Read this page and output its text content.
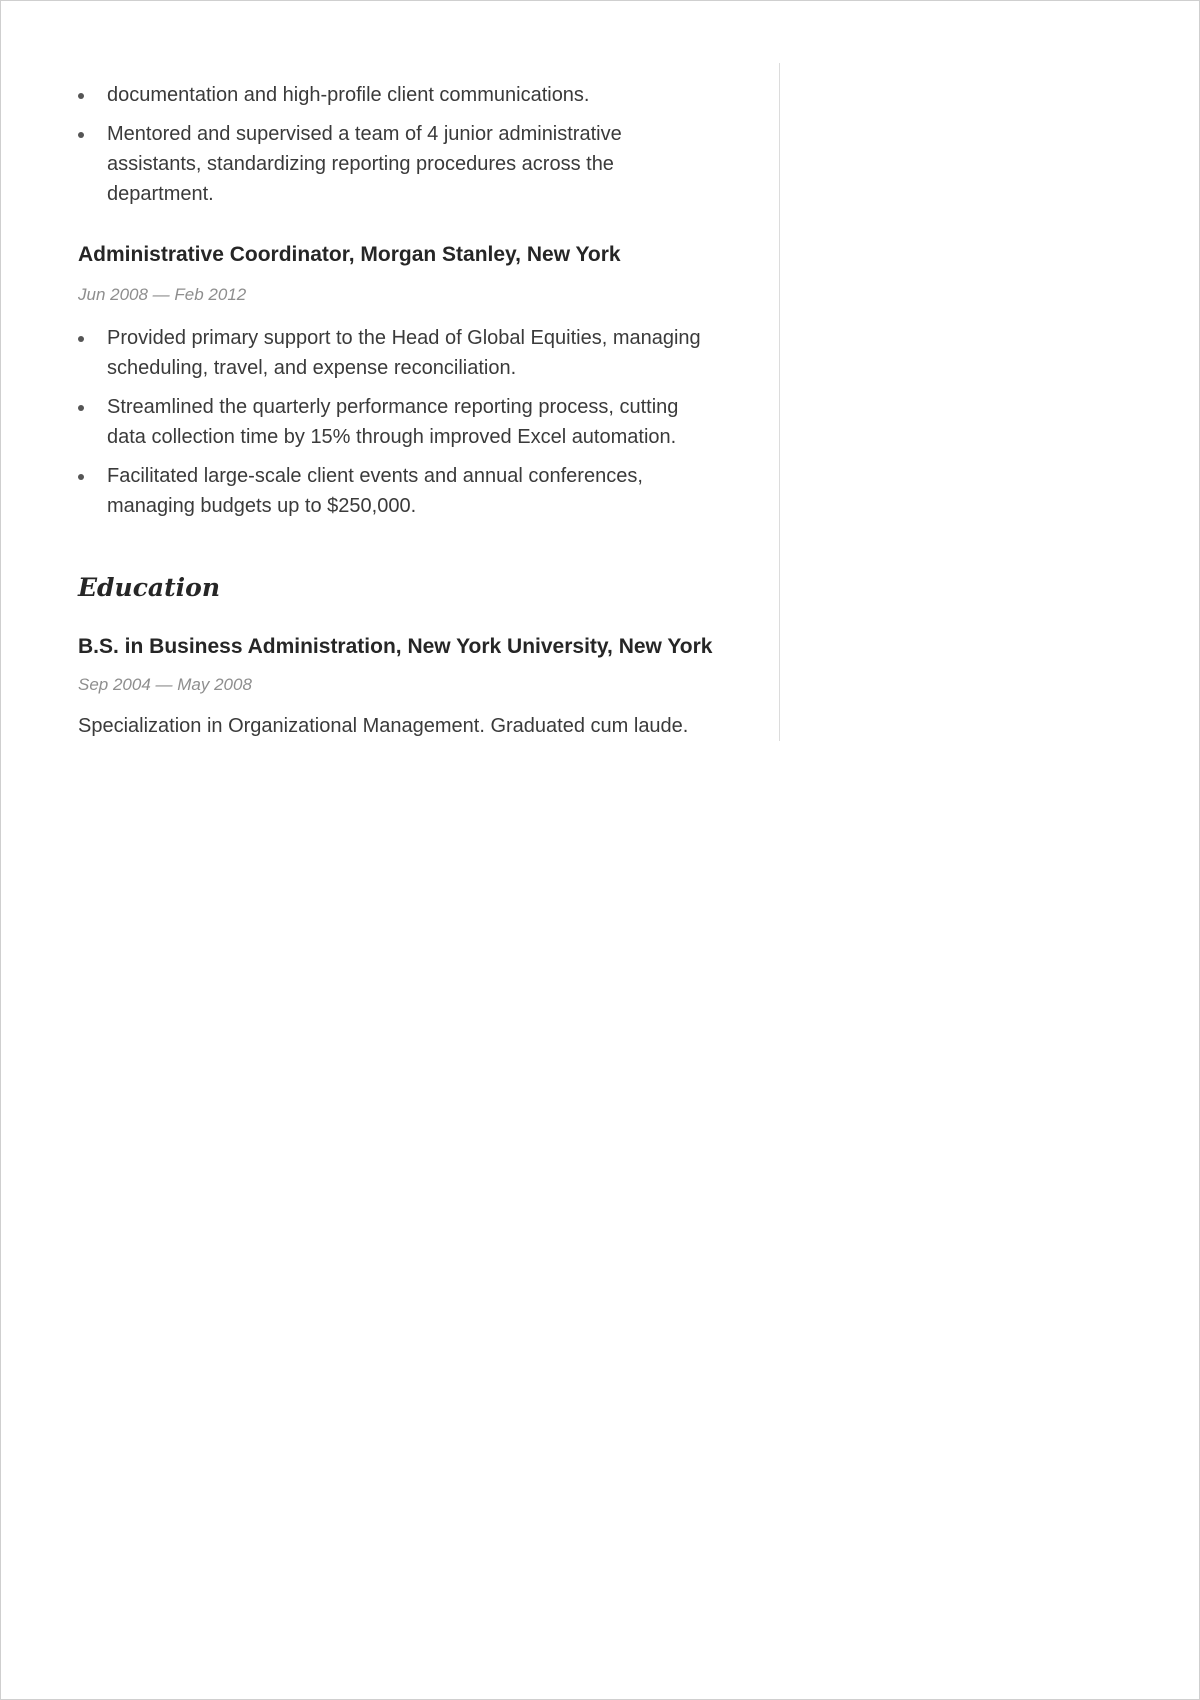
documentation and high-profile client communications.
Mentored and supervised a team of 4 junior administrative assistants, standardizing reporting procedures across the department.
Administrative Coordinator, Morgan Stanley, New York

Jun 2008 — Feb 2012

Provided primary support to the Head of Global Equities, managing scheduling, travel, and expense reconciliation.
Streamlined the quarterly performance reporting process, cutting data collection time by 15% through improved Excel automation.
Facilitated large-scale client events and annual conferences, managing budgets up to $250,000.
Education
B.S. in Business Administration, New York University, New York

Sep 2004 — May 2008

Specialization in Organizational Management. Graduated cum laude.
